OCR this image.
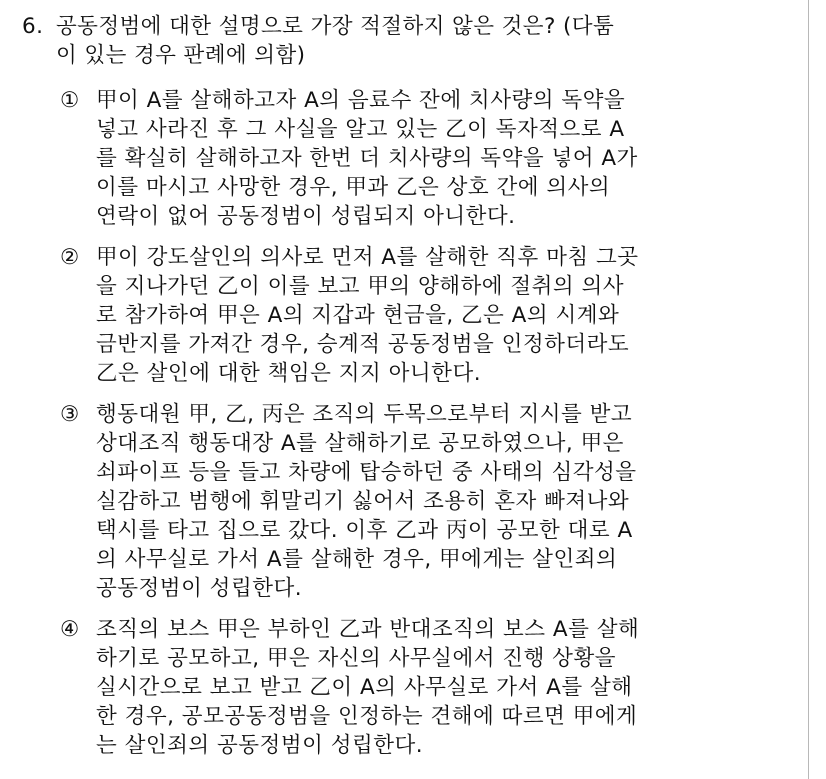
6. 공동정범에 대한 설명으로 가장 적절하지 않은 것은? (다툼
이 있는 경우 판례에 의함)
① 甲이 A를 살해하고자 A의 음료수 잔에 치사량의 독약을
넣고 사라진 후 그 사실을 알고 있는 乙이 독자적으로 A
를 확실히 살해하고자 한번 더 치사량의 독약을 넣어 A가
이를 마시고 사망한 경우, 甲과 乙은 상호 간에 의사의
연락이 없어 공동정범이 성립되지 아니한다.
② 甲이 강도살인의 의사로 먼저 A를 살해한 직후 마침 그곳
을 지나가던 乙이 이를 보고 甲의 양해하에 절취의 의사
로 참가하여 甲은 A의 지갑과 현금을, 乙은 A의 시계와
금반지를 가져간 경우, 승계적 공동정범을 인정하더라도
乙은 살인에 대한 책임은 지지 아니한다.
③ 행동대원 甲, 乙, 丙은 조직의 두목으로부터 지시를 받고
상대조직 행동대장 A를 살해하기로 공모하였으나, 甲은
쇠파이프 등을 들고 차량에 탑승하던 중 사태의 심각성을
실감하고 범행에 휘말리기 싫어서 조용히 혼자 빠져나와
택시를 타고 집으로 갔다. 이후 乙과 丙이 공모한 대로 A
의 사무실로 가서 A를 살해한 경우, 甲에게는 살인죄의
공동정범이 성립한다.
④ 조직의 보스 甲은 부하인 乙과 반대조직의 보스 A를 살해
하기로 공모하고, 甲은 자신의 사무실에서 진행 상황을
실시간으로 보고 받고 乙이 A의 사무실로 가서 A를 살해
한 경우, 공모공동정범을 인정하는 견해에 따르면 甲에게
는 살인죄의 공동정범이 성립한다.
